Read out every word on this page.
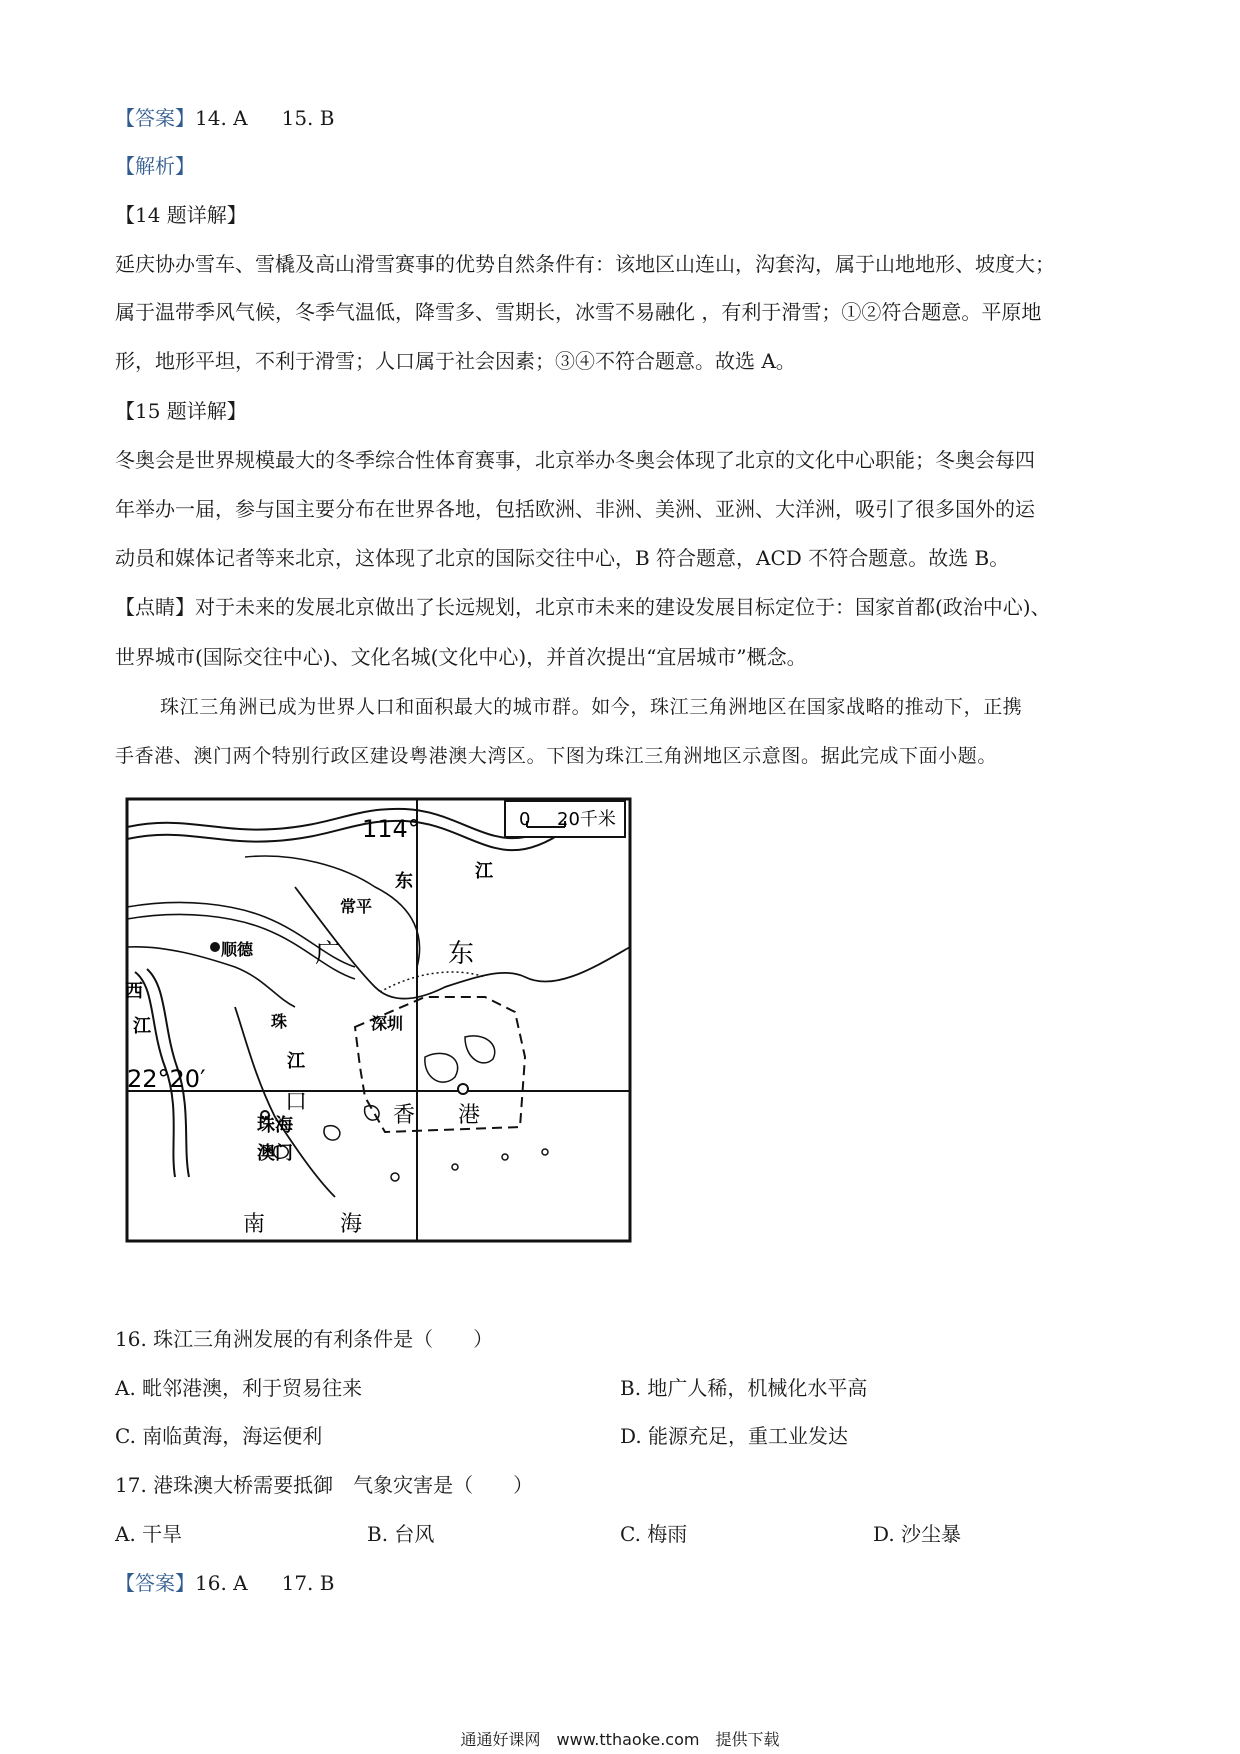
【答案】14. A 15. B
【解析】
【14 题详解】
延庆协办雪车、雪橇及高山滑雪赛事的优势自然条件有：该地区山连山，沟套沟，属于山地地形、坡度大；
属于温带季风气候，冬季气温低，降雪多、雪期长，冰雪不易融化 ，有利于滑雪；①②符合题意。平原地
形，地形平坦，不利于滑雪；人口属于社会因素；③④不符合题意。故选 A。
【15 题详解】
冬奥会是世界规模最大的冬季综合性体育赛事，北京举办冬奥会体现了北京的文化中心职能；冬奥会每四
年举办一届，参与国主要分布在世界各地，包括欧洲、非洲、美洲、亚洲、大洋洲，吸引了很多国外的运
动员和媒体记者等来北京，这体现了北京的国际交往中心，B 符合题意，ACD 不符合题意。故选 B。
【点睛】对于未来的发展北京做出了长远规划，北京市未来的建设发展目标定位于：国家首都(政治中心)、
世界城市(国际交往中心)、文化名城(文化中心)，并首次提出“宜居城市”概念。
珠江三角洲已成为世界人口和面积最大的城市群。如今，珠江三角洲地区在国家战略的推动下，正携
手香港、澳门两个特别行政区建设粤港澳大湾区。下图为珠江三角洲地区示意图。据此完成下面小题。
114°
22°20′
0 20千米
东	江
常平
顺德 广	东
西
江	珠
江
口
深圳
珠海
澳门
香 港
南	海
16. 珠江三角洲发展的有利条件是（　　）
A. 毗邻港澳，利于贸易往来	B. 地广人稀，机械化水平高
C. 南临黄海，海运便利	D. 能源充足，重工业发达
17. 港珠澳大桥需要抵御　气象灾害是（　　）
A. 干旱	B. 台风	C. 梅雨	D. 沙尘暴
【答案】16. A 17. B
通通好课网　www.tthaoke.com　提供下载
